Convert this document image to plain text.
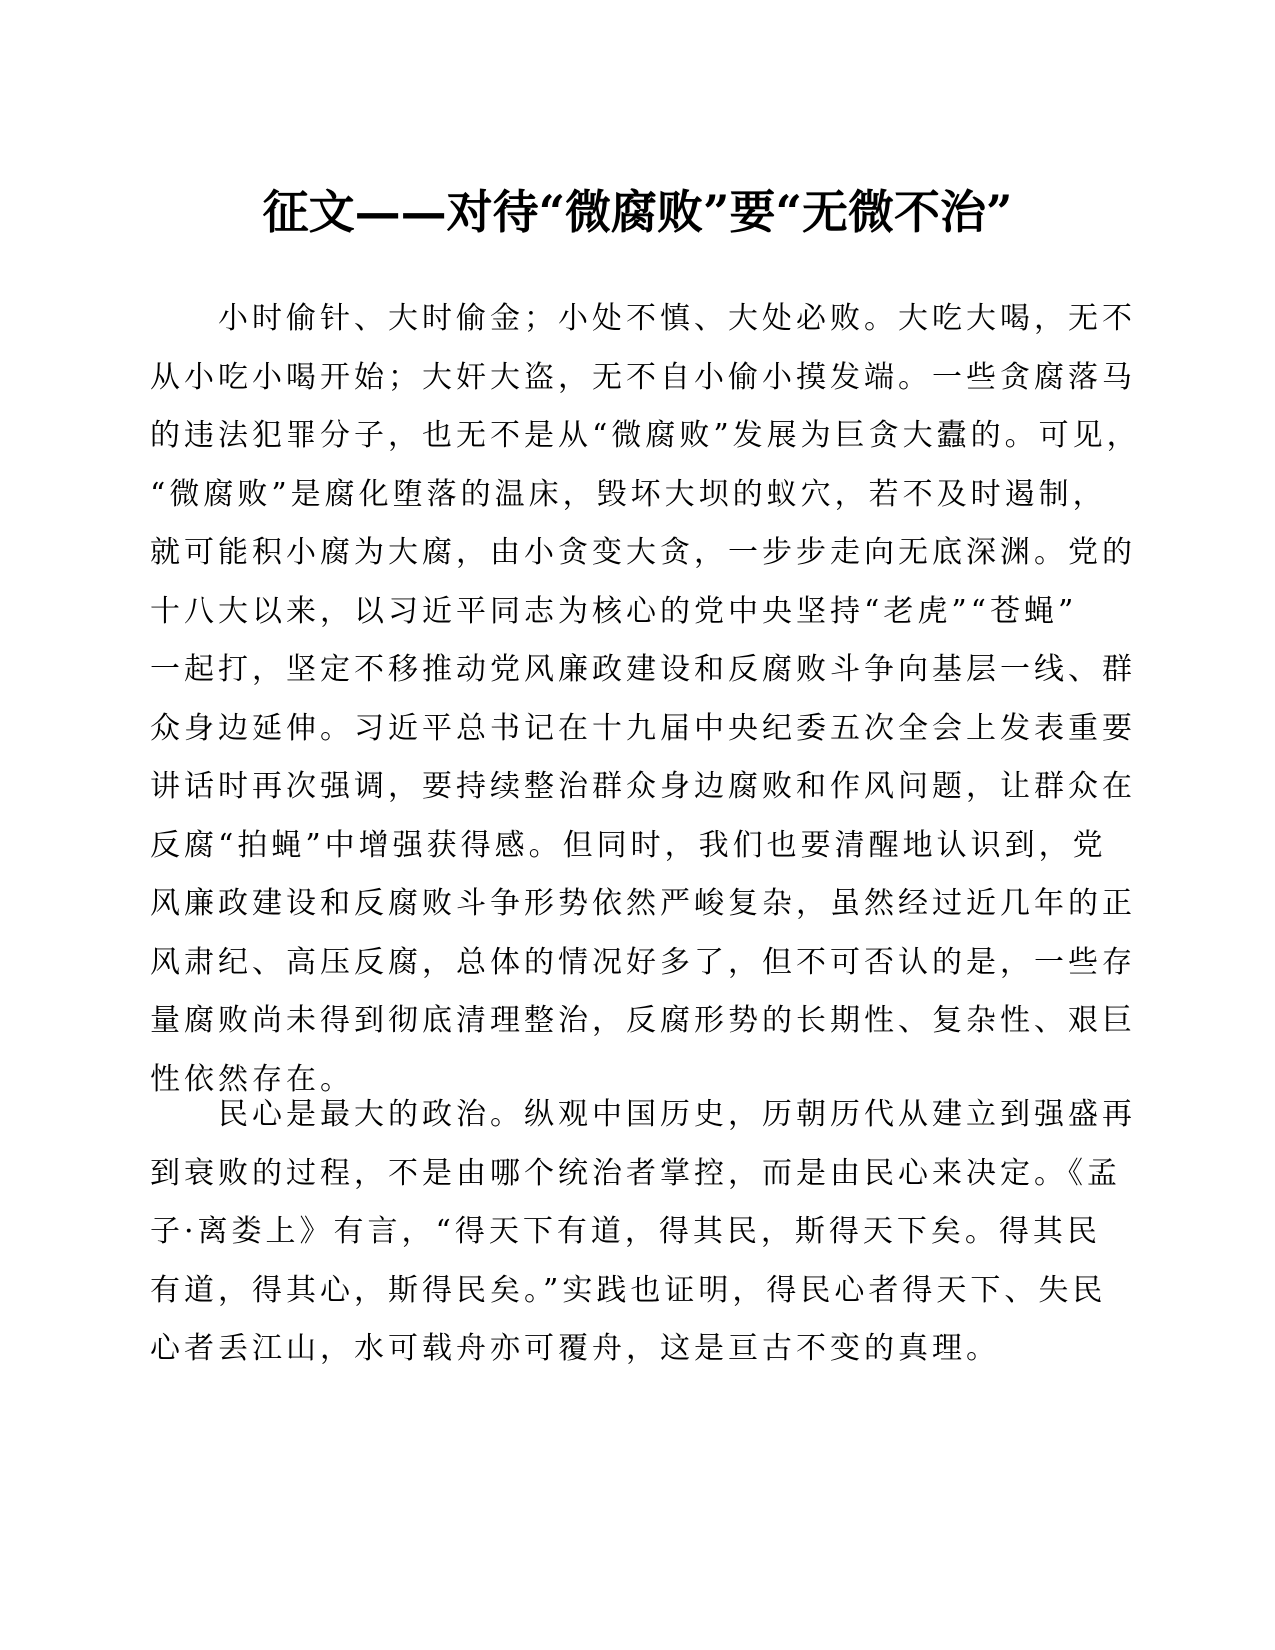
征文——对待“微腐败”要“无微不治”
小时偷针、大时偷金；小处不慎、大处必败。大吃大喝，无不
从小吃小喝开始；大奸大盗，无不自小偷小摸发端。一些贪腐落马
的违法犯罪分子，也无不是从“微腐败”发展为巨贪大蠹的。可见，
“微腐败”是腐化堕落的温床，毁坏大坝的蚁穴，若不及时遏制，
就可能积小腐为大腐，由小贪变大贪，一步步走向无底深渊。党的
十八大以来，以习近平同志为核心的党中央坚持“老虎”“苍蝇”
一起打，坚定不移推动党风廉政建设和反腐败斗争向基层一线、群
众身边延伸。习近平总书记在十九届中央纪委五次全会上发表重要
讲话时再次强调，要持续整治群众身边腐败和作风问题，让群众在
反腐“拍蝇”中增强获得感。但同时，我们也要清醒地认识到，党
风廉政建设和反腐败斗争形势依然严峻复杂，虽然经过近几年的正
风肃纪、高压反腐，总体的情况好多了，但不可否认的是，一些存
量腐败尚未得到彻底清理整治，反腐形势的长期性、复杂性、艰巨
性依然存在。
民心是最大的政治。纵观中国历史，历朝历代从建立到强盛再
到衰败的过程，不是由哪个统治者掌控，而是由民心来决定。《孟
子·离娄上》有言，“得天下有道，得其民，斯得天下矣。得其民
有道，得其心，斯得民矣。”实践也证明，得民心者得天下、失民
心者丢江山，水可载舟亦可覆舟，这是亘古不变的真理。
